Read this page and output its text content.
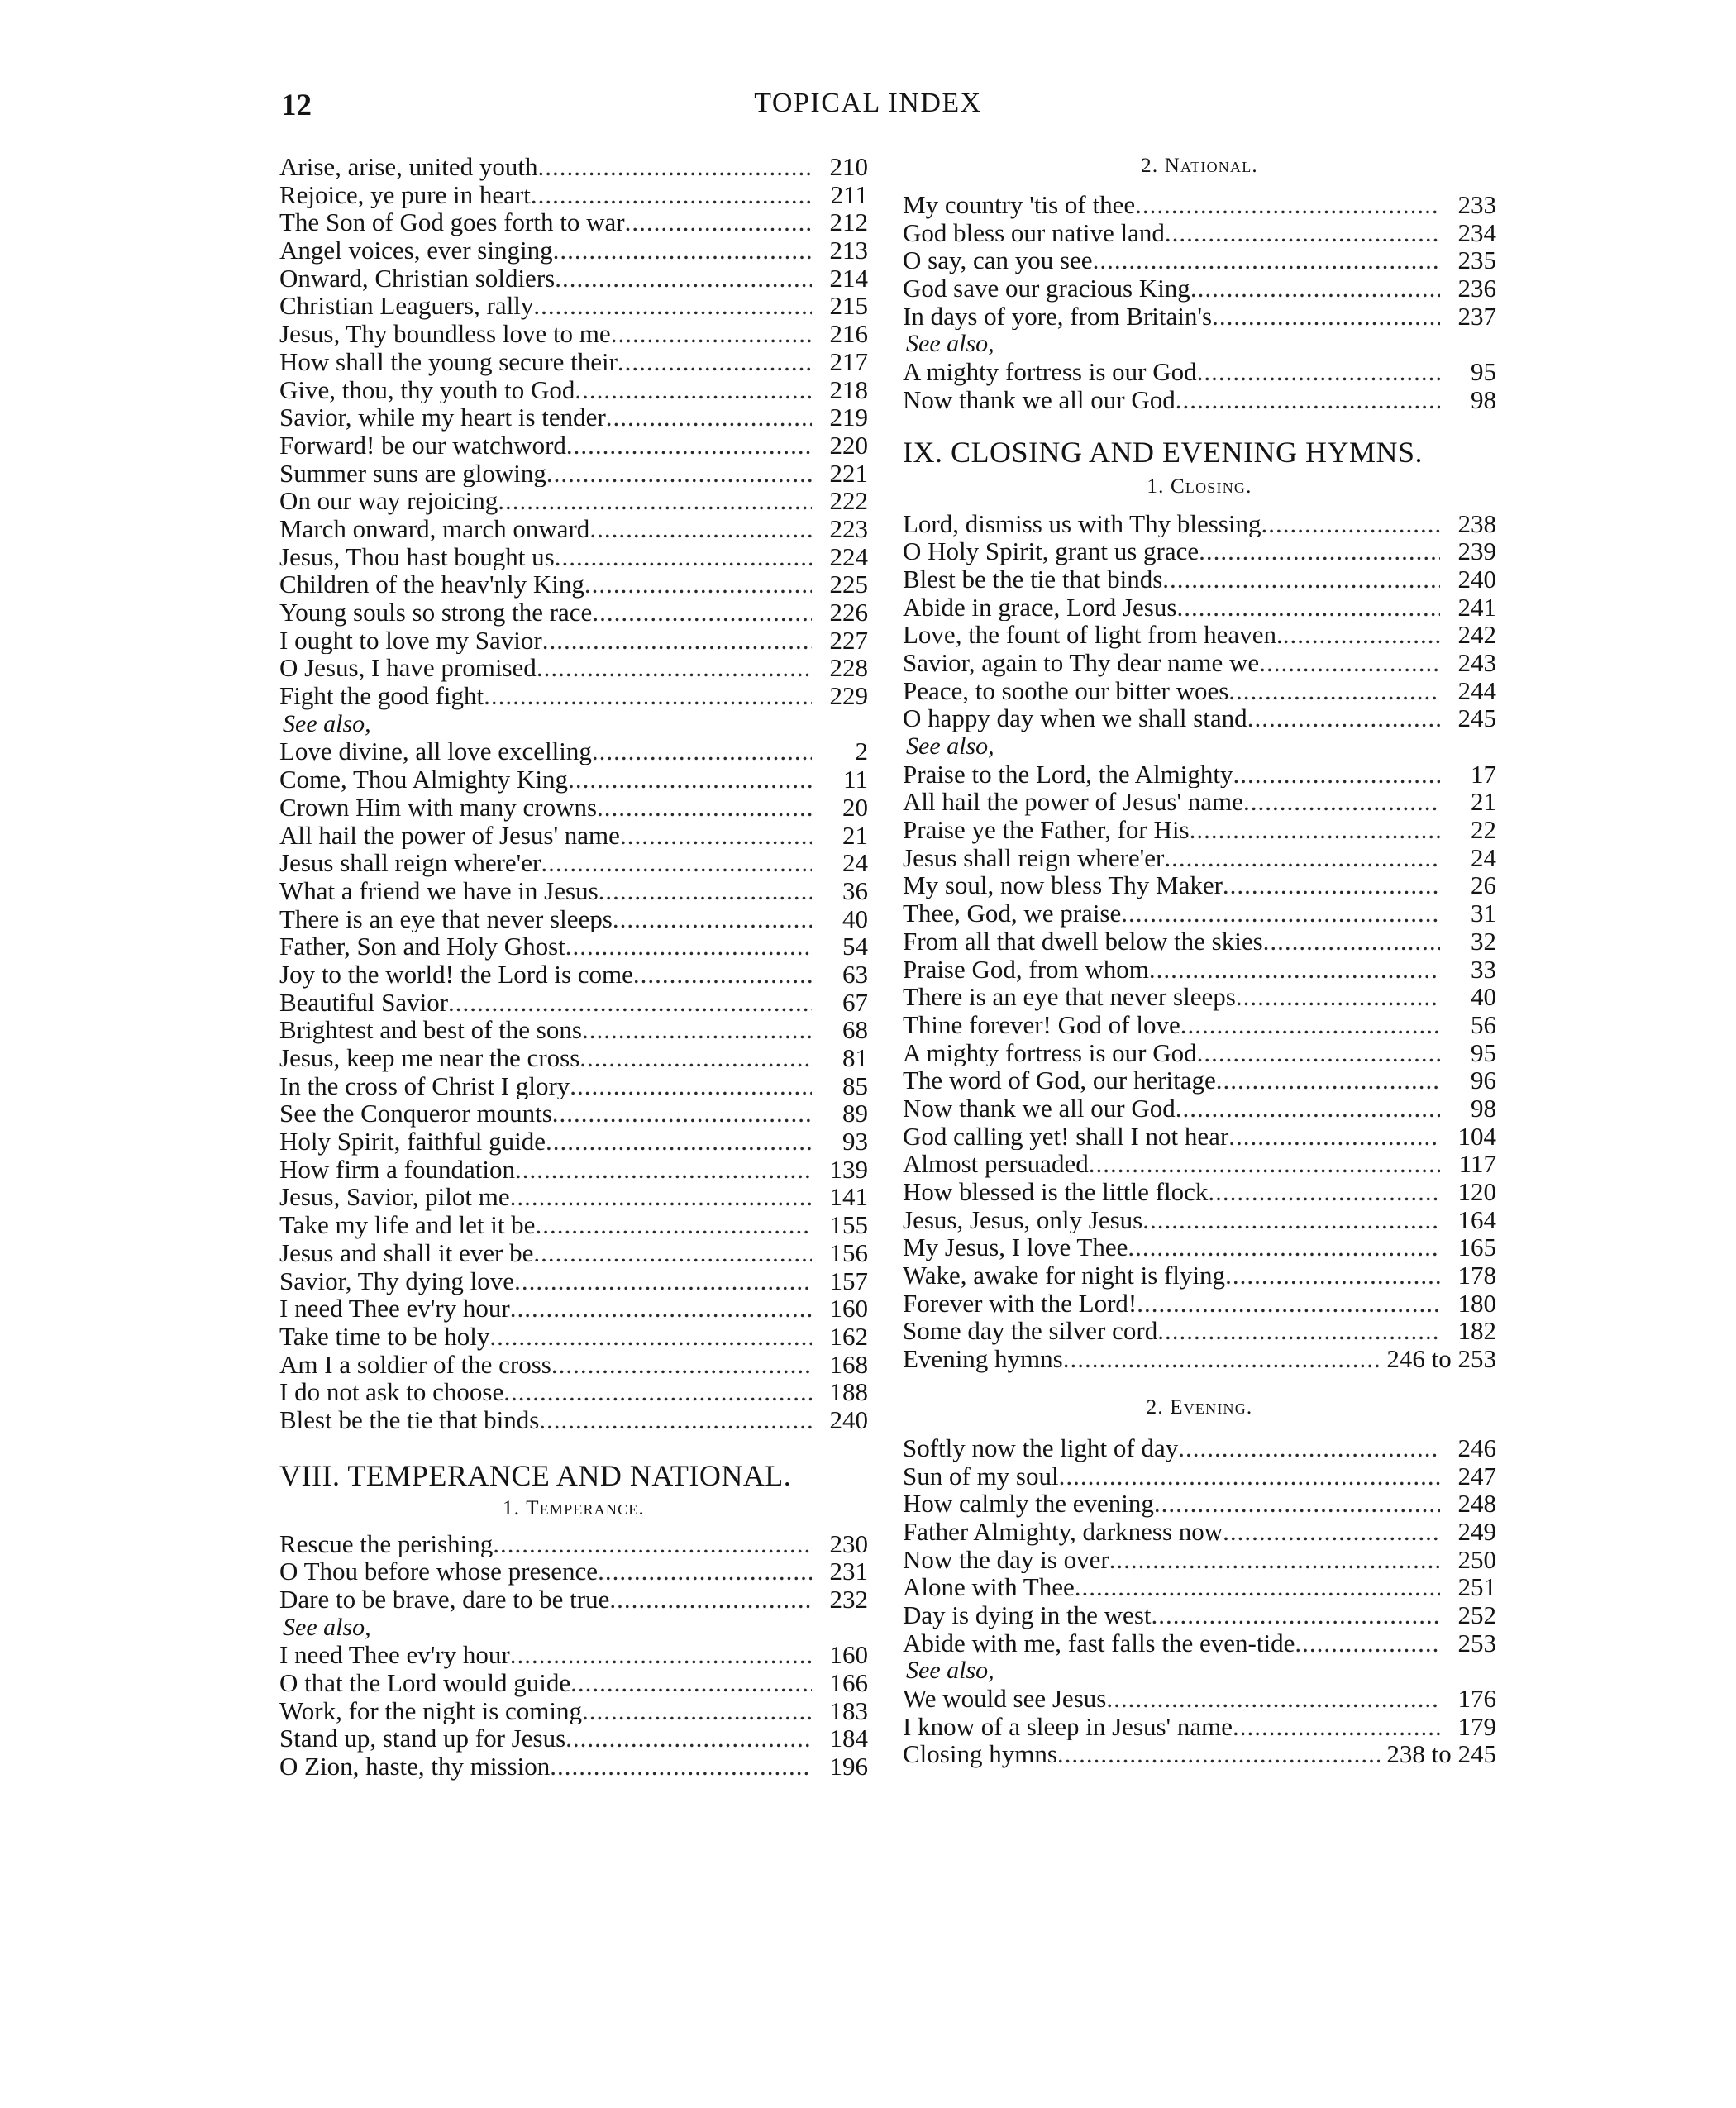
12	TOPICAL INDEX
Arise, arise, united youth .....	210
Rejoice, ye pure in heart .....	211
The Son of God goes forth to war .....	212
Angel voices, ever singing .....	213
Onward, Christian soldiers .....	214
Christian Leaguers, rally .....	215
Jesus, Thy boundless love to me .....	216
How shall the young secure their .....	217
Give, thou, thy youth to God .....	218
Savior, while my heart is tender .....	219
Forward! be our watchword .....	220
Summer suns are glowing .....	221
On our way rejoicing .....	222
March onward, march onward .....	223
Jesus, Thou hast bought us .....	224
Children of the heav'nly King .....	225
Young souls so strong the race .....	226
I ought to love my Savior .....	227
O Jesus, I have promised .....	228
Fight the good fight .....	229
See also,
Love divine, all love excelling .....	2
Come, Thou Almighty King .....	11
Crown Him with many crowns .....	20
All hail the power of Jesus' name .....	21
Jesus shall reign where'er .....	24
What a friend we have in Jesus .....	36
There is an eye that never sleeps .....	40
Father, Son and Holy Ghost .....	54
Joy to the world! the Lord is come .....	63
Beautiful Savior .....	67
Brightest and best of the sons .....	68
Jesus, keep me near the cross .....	81
In the cross of Christ I glory .....	85
See the Conqueror mounts .....	89
Holy Spirit, faithful guide .....	93
How firm a foundation .....	139
Jesus, Savior, pilot me .....	141
Take my life and let it be .....	155
Jesus and shall it ever be .....	156
Savior, Thy dying love .....	157
I need Thee ev'ry hour .....	160
Take time to be holy .....	162
Am I a soldier of the cross .....	168
I do not ask to choose .....	188
Blest be the tie that binds .....	240
VIII. TEMPERANCE AND NATIONAL.
1. Temperance.
Rescue the perishing .....	230
O Thou before whose presence .....	231
Dare to be brave, dare to be true .....	232
See also,
I need Thee ev'ry hour .....	160
O that the Lord would guide .....	166
Work, for the night is coming .....	183
Stand up, stand up for Jesus .....	184
O Zion, haste, thy mission .....	196
2. National.
My country 'tis of thee .....	233
God bless our native land .....	234
O say, can you see .....	235
God save our gracious King .....	236
In days of yore, from Britain's .....	237
See also,
A mighty fortress is our God .....	95
Now thank we all our God .....	98
IX. CLOSING AND EVENING HYMNS.
1. Closing.
Lord, dismiss us with Thy blessing .....	238
O Holy Spirit, grant us grace .....	239
Blest be the tie that binds .....	240
Abide in grace, Lord Jesus .....	241
Love, the fount of light from heaven. .....	242
Savior, again to Thy dear name we .....	243
Peace, to soothe our bitter woes .....	244
O happy day when we shall stand .....	245
See also,
Praise to the Lord, the Almighty .....	17
All hail the power of Jesus' name .....	21
Praise ye the Father, for His .....	22
Jesus shall reign where'er .....	24
My soul, now bless Thy Maker .....	26
Thee, God, we praise .....	31
From all that dwell below the skies .....	32
Praise God, from whom .....	33
There is an eye that never sleeps .....	40
Thine forever! God of love .....	56
A mighty fortress is our God .....	95
The word of God, our heritage .....	96
Now thank we all our God .....	98
God calling yet! shall I not hear .....	104
Almost persuaded .....	117
How blessed is the little flock .....	120
Jesus, Jesus, only Jesus .....	164
My Jesus, I love Thee .....	165
Wake, awake for night is flying .....	178
Forever with the Lord! .....	180
Some day the silver cord .....	182
Evening hymns .....	246 to 253
2. Evening.
Softly now the light of day .....	246
Sun of my soul .....	247
How calmly the evening .....	248
Father Almighty, darkness now .....	249
Now the day is over .....	250
Alone with Thee .....	251
Day is dying in the west .....	252
Abide with me, fast falls the even-tide .....	253
See also,
We would see Jesus .....	176
I know of a sleep in Jesus' name .....	179
Closing hymns .....	238 to 245
